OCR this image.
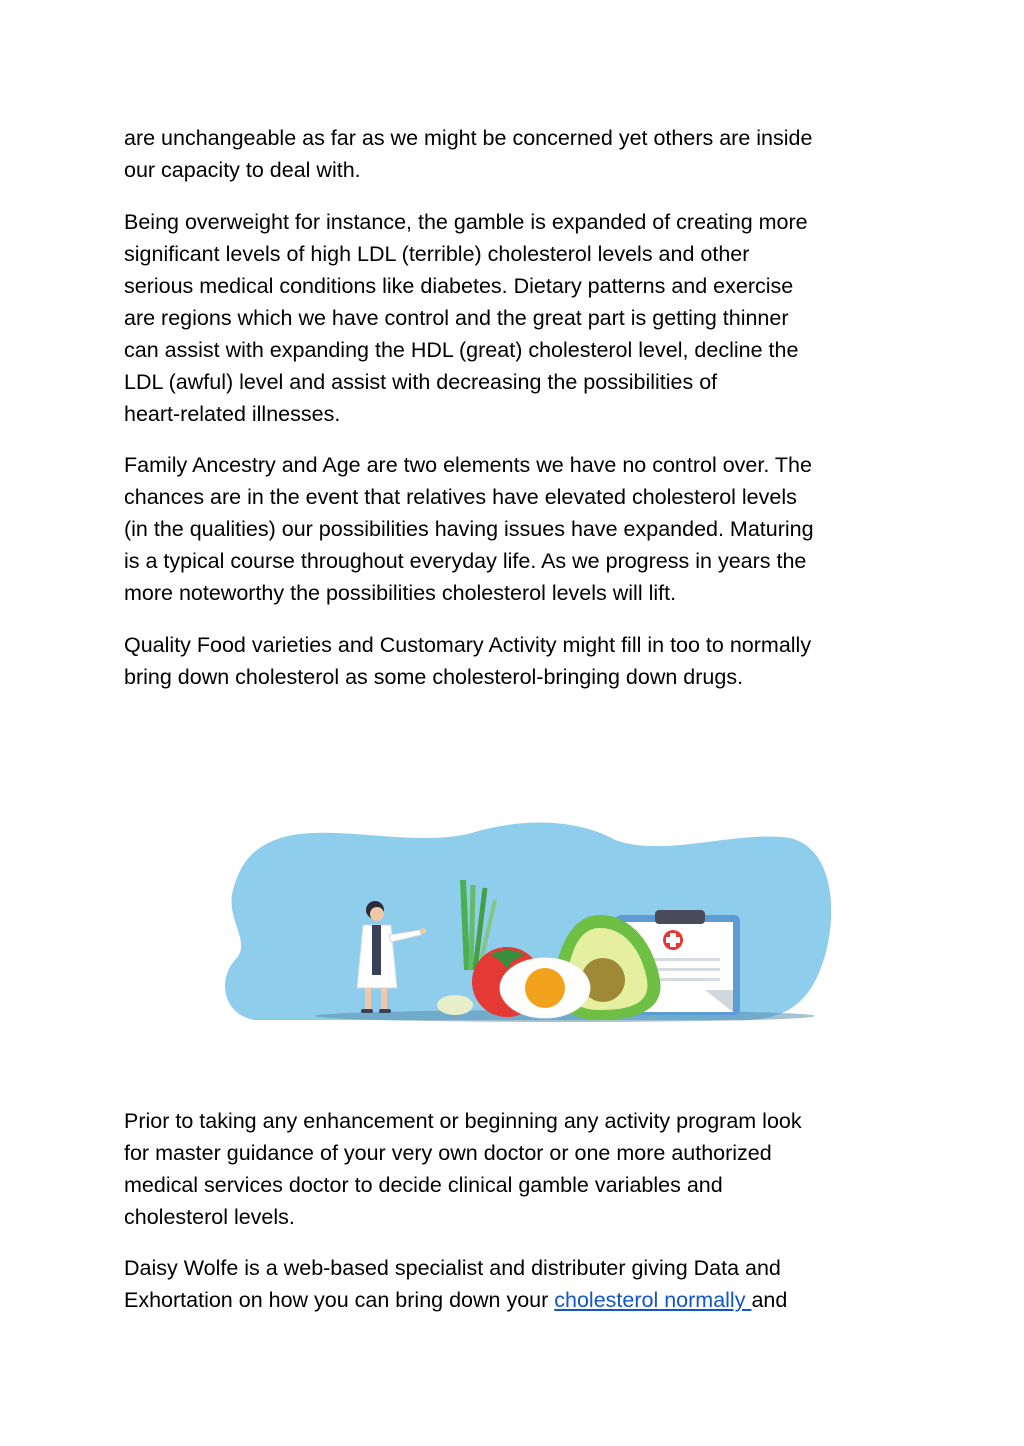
are unchangeable as far as we might be concerned yet others are inside
our capacity to deal with.
Being overweight for instance, the gamble is expanded of creating more
significant levels of high LDL (terrible) cholesterol levels and other
serious medical conditions like diabetes. Dietary patterns and exercise
are regions which we have control and the great part is getting thinner
can assist with expanding the HDL (great) cholesterol level, decline the
LDL (awful) level and assist with decreasing the possibilities of
heart-related illnesses.
Family Ancestry and Age are two elements we have no control over. The
chances are in the event that relatives have elevated cholesterol levels
(in the qualities) our possibilities having issues have expanded. Maturing
is a typical course throughout everyday life. As we progress in years the
more noteworthy the possibilities cholesterol levels will lift.
Quality Food varieties and Customary Activity might fill in too to normally
bring down cholesterol as some cholesterol-bringing down drugs.
Prior to taking any enhancement or beginning any activity program look
for master guidance of your very own doctor or one more authorized
medical services doctor to decide clinical gamble variables and
cholesterol levels.
Daisy Wolfe is a web-based specialist and distributer giving Data and
Exhortation on how you can bring down your cholesterol normally and
